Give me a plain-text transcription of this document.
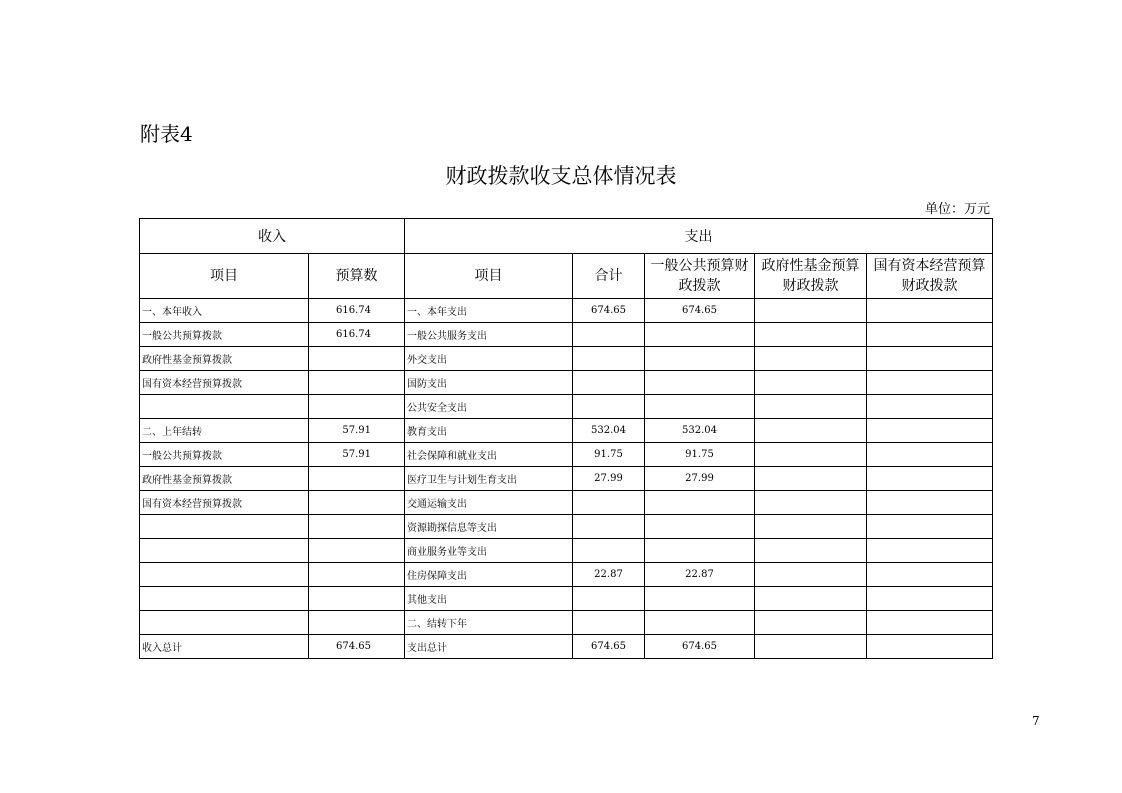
附表4
财政拨款收支总体情况表
单位：万元
收入		支出				
项目	预算数	项目	合计	一般公共预算财政拨款	政府性基金预算财政拨款	国有资本经营预算财政拨款
一、本年收入	616.74	一、本年支出	674.65	674.65		
一般公共预算拨款	616.74	一般公共服务支出				
政府性基金预算拨款		外交支出				
国有资本经营预算拨款		国防支出				
		公共安全支出				
二、上年结转	57.91	教育支出	532.04	532.04		
一般公共预算拨款	57.91	社会保障和就业支出	91.75	91.75		
政府性基金预算拨款		医疗卫生与计划生育支出	27.99	27.99		
国有资本经营预算拨款		交通运输支出				
		资源勘探信息等支出				
		商业服务业等支出				
		住房保障支出	22.87	22.87		
		其他支出				
		二、结转下年				
收入总计	674.65	支出总计	674.65	674.65		
7
